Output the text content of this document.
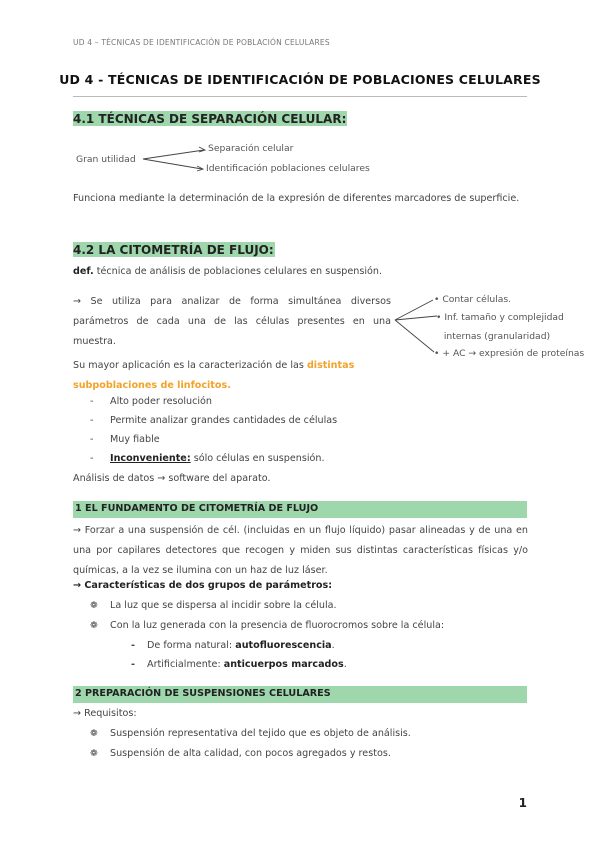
UD 4 – TÉCNICAS DE IDENTIFICACIÓN DE POBLACIÓN CELULARES
UD 4 - TÉCNICAS DE IDENTIFICACIÓN DE POBLACIONES CELULARES
4.1 TÉCNICAS DE SEPARACIÓN CELULAR:
Gran utilidad
Separación celular
Identificación poblaciones celulares
Funciona mediante la determinación de la expresión de diferentes marcadores de superficie.
4.2 LA CITOMETRÍA DE FLUJO:
def. técnica de análisis de poblaciones celulares en suspensión.
→ Se utiliza para analizar de forma simultánea diversos parámetros de cada una de las células presentes en una muestra.
• Contar células.
• Inf. tamaño y complejidad
internas (granularidad)
• + AC → expresión de proteínas
Su mayor aplicación es la caracterización de las distintas
subpoblaciones de linfocitos.
- Alto poder resolución
- Permite analizar grandes cantidades de células
- Muy fiable
- Inconveniente: sólo células en suspensión.
Análisis de datos → software del aparato.
1 EL FUNDAMENTO DE CITOMETRÍA DE FLUJO
→ Forzar a una suspensión de cél. (incluidas en un flujo líquido) pasar alineadas y de una en una por capilares detectores que recogen y miden sus distintas características físicas y/o químicas, a la vez se ilumina con un haz de luz láser.
→ Características de dos grupos de parámetros:
❁ La luz que se dispersa al incidir sobre la célula.
❁ Con la luz generada con la presencia de fluorocromos sobre la célula:
- De forma natural: autofluorescencia.
- Artificialmente: anticuerpos marcados.
2 PREPARACIÓN DE SUSPENSIONES CELULARES
→ Requisitos:
❁ Suspensión representativa del tejido que es objeto de análisis.
❁ Suspensión de alta calidad, con pocos agregados y restos.
1
